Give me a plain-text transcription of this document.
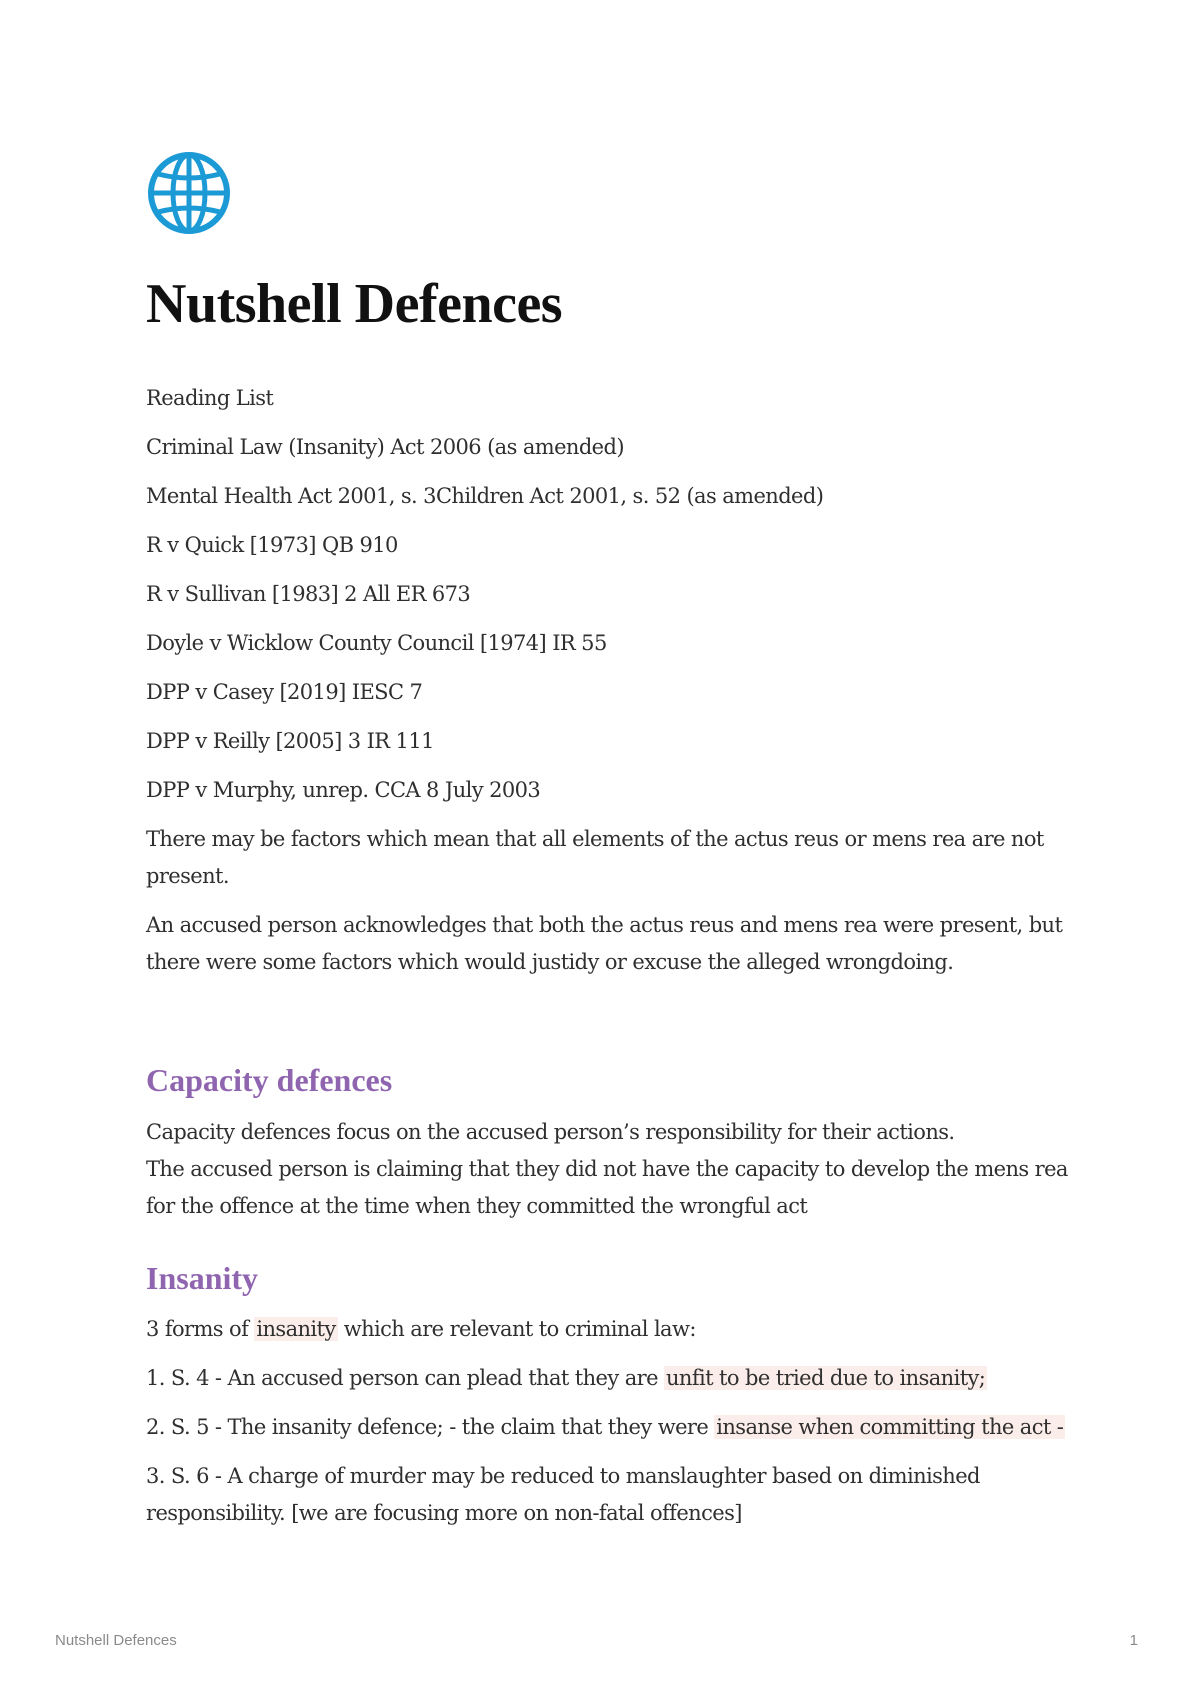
Nutshell Defences

Reading List

Criminal Law (Insanity) Act 2006 (as amended)

Mental Health Act 2001, s. 3Children Act 2001, s. 52 (as amended)

R v Quick [1973] QB 910

R v Sullivan [1983] 2 All ER 673

Doyle v Wicklow County Council [1974] IR 55

DPP v Casey [2019] IESC 7

DPP v Reilly [2005] 3 IR 111

DPP v Murphy, unrep. CCA 8 July 2003

There may be factors which mean that all elements of the actus reus or mens rea are not present.

An accused person acknowledges that both the actus reus and mens rea were present, but there were some factors which would justidy or excuse the alleged wrongdoing.

Capacity defences

Capacity defences focus on the accused person’s responsibility for their actions.

The accused person is claiming that they did not have the capacity to develop the mens rea for the offence at the time when they committed the wrongful act

Insanity

3 forms of insanity which are relevant to criminal law:

1. S. 4 - An accused person can plead that they are unfit to be tried due to insanity;

2. S. 5 - The insanity defence; - the claim that they were insanse when committing the act -

3. S. 6 - A charge of murder may be reduced to manslaughter based on diminished responsibility. [we are focusing more on non-fatal offences]

Nutshell Defences	1
